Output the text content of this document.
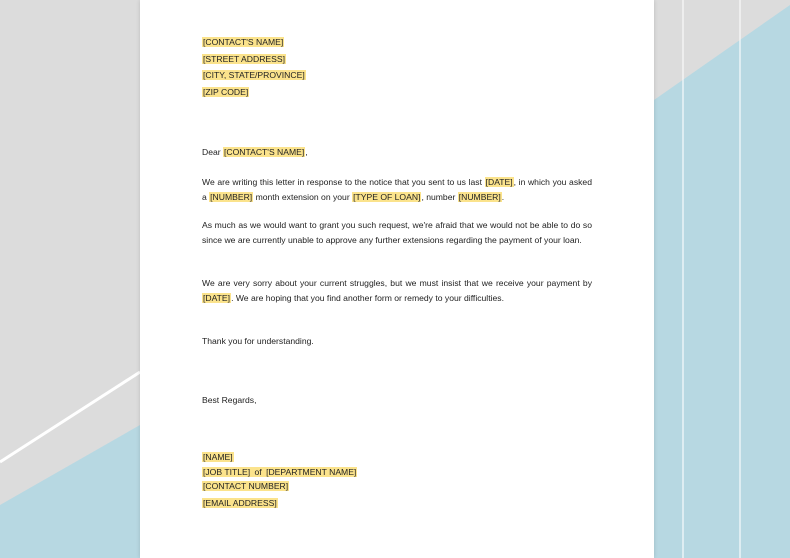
[CONTACT'S NAME]
[STREET ADDRESS]
[CITY, STATE/PROVINCE]
[ZIP CODE]
Dear [CONTACT'S NAME],

We are writing this letter in response to the notice that you sent to us last [DATE], in which you asked a [NUMBER] month extension on your [TYPE OF LOAN], number [NUMBER].

As much as we would want to grant you such request, we're afraid that we would not be able to do so since we are currently unable to approve any further extensions regarding the payment of your loan.

We are very sorry about your current struggles, but we must insist that we receive your payment by [DATE]. We are hoping that you find another form or remedy to your difficulties.

Thank you for understanding.
Best Regards,
[NAME]
[JOB TITLE] of [DEPARTMENT NAME]
[CONTACT NUMBER]
[EMAIL ADDRESS]
